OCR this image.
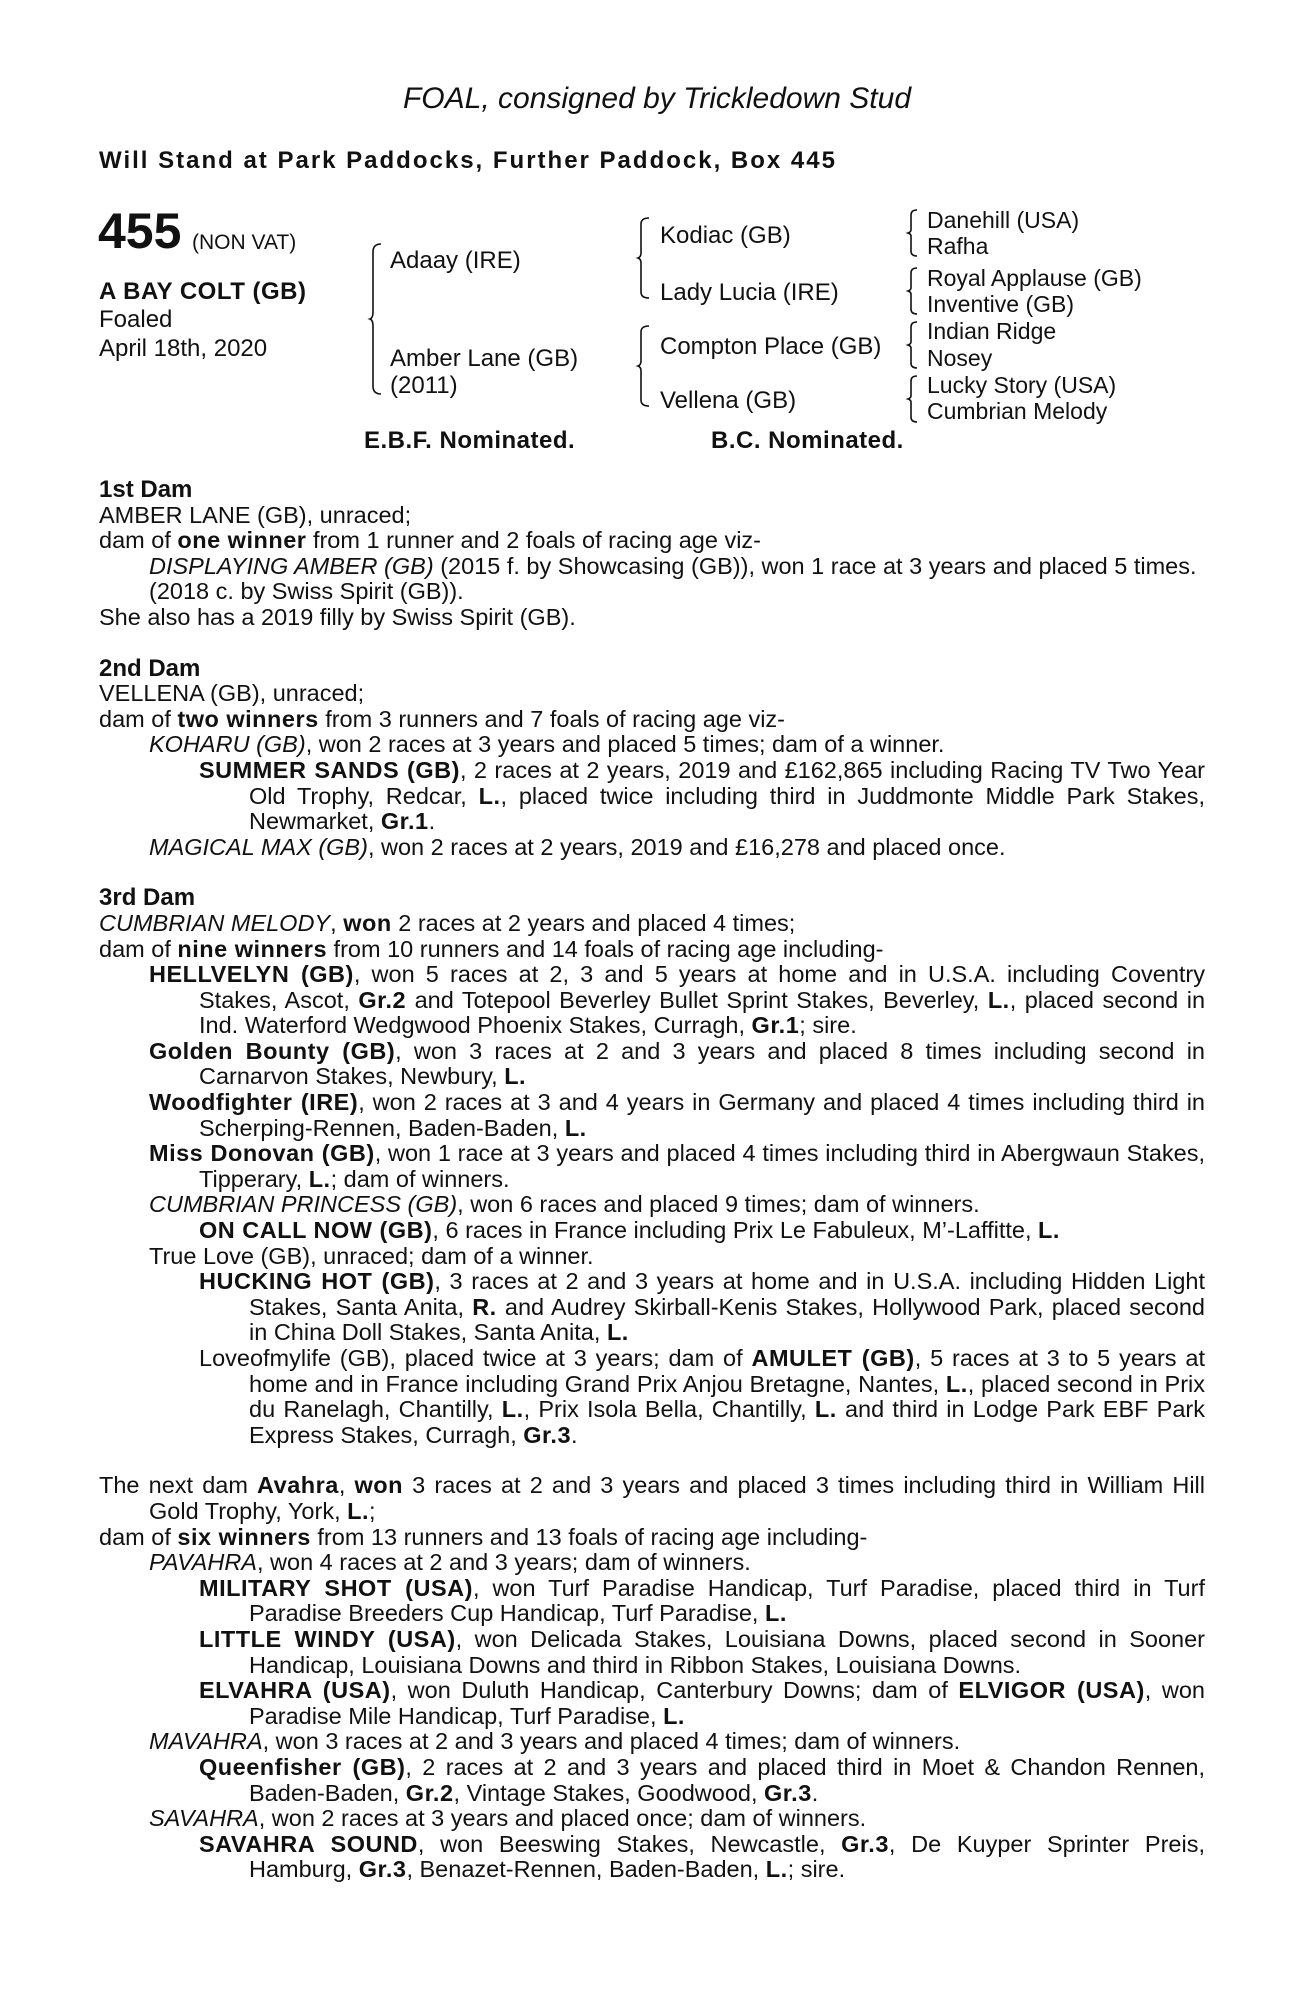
FOAL, consigned by Trickledown Stud
Will Stand at Park Paddocks, Further Paddock, Box 445
455 (NON VAT)
A BAY COLT (GB)
Foaled
April 18th, 2020
Adaay (IRE)
Amber Lane (GB)
(2011)
Kodiac (GB)
Lady Lucia (IRE)
Compton Place (GB)
Vellena (GB)
Danehill (USA)
Rafha
Royal Applause (GB)
Inventive (GB)
Indian Ridge
Nosey
Lucky Story (USA)
Cumbrian Melody
E.B.F. Nominated.	B.C. Nominated.

1st Dam

AMBER LANE (GB), unraced;

dam of one winner from 1 runner and 2 foals of racing age viz-

DISPLAYING AMBER (GB) (2015 f. by Showcasing (GB)), won 1 race at 3 years and placed 5 times.

(2018 c. by Swiss Spirit (GB)).

She also has a 2019 filly by Swiss Spirit (GB).

2nd Dam

VELLENA (GB), unraced;

dam of two winners from 3 runners and 7 foals of racing age viz-

KOHARU (GB), won 2 races at 3 years and placed 5 times; dam of a winner.

SUMMER SANDS (GB), 2 races at 2 years, 2019 and £162,865 including Racing TV Two Year Old Trophy, Redcar, L., placed twice including third in Juddmonte Middle Park Stakes, Newmarket, Gr.1.

MAGICAL MAX (GB), won 2 races at 2 years, 2019 and £16,278 and placed once.

3rd Dam

CUMBRIAN MELODY, won 2 races at 2 years and placed 4 times;

dam of nine winners from 10 runners and 14 foals of racing age including-

HELLVELYN (GB), won 5 races at 2, 3 and 5 years at home and in U.S.A. including Coventry Stakes, Ascot, Gr.2 and Totepool Beverley Bullet Sprint Stakes, Beverley, L., placed second in Ind. Waterford Wedgwood Phoenix Stakes, Curragh, Gr.1; sire.

Golden Bounty (GB), won 3 races at 2 and 3 years and placed 8 times including second in Carnarvon Stakes, Newbury, L.

Woodfighter (IRE), won 2 races at 3 and 4 years in Germany and placed 4 times including third in Scherping-Rennen, Baden-Baden, L.

Miss Donovan (GB), won 1 race at 3 years and placed 4 times including third in Abergwaun Stakes, Tipperary, L.; dam of winners.

CUMBRIAN PRINCESS (GB), won 6 races and placed 9 times; dam of winners.

ON CALL NOW (GB), 6 races in France including Prix Le Fabuleux, M’-Laffitte, L.

True Love (GB), unraced; dam of a winner.

HUCKING HOT (GB), 3 races at 2 and 3 years at home and in U.S.A. including Hidden Light Stakes, Santa Anita, R. and Audrey Skirball-Kenis Stakes, Hollywood Park, placed second in China Doll Stakes, Santa Anita, L.

Loveofmylife (GB), placed twice at 3 years; dam of AMULET (GB), 5 races at 3 to 5 years at home and in France including Grand Prix Anjou Bretagne, Nantes, L., placed second in Prix du Ranelagh, Chantilly, L., Prix Isola Bella, Chantilly, L. and third in Lodge Park EBF Park Express Stakes, Curragh, Gr.3.

The next dam Avahra, won 3 races at 2 and 3 years and placed 3 times including third in William Hill Gold Trophy, York, L.;

dam of six winners from 13 runners and 13 foals of racing age including-

PAVAHRA, won 4 races at 2 and 3 years; dam of winners.

MILITARY SHOT (USA), won Turf Paradise Handicap, Turf Paradise, placed third in Turf Paradise Breeders Cup Handicap, Turf Paradise, L.

LITTLE WINDY (USA), won Delicada Stakes, Louisiana Downs, placed second in Sooner Handicap, Louisiana Downs and third in Ribbon Stakes, Louisiana Downs.

ELVAHRA (USA), won Duluth Handicap, Canterbury Downs; dam of ELVIGOR (USA), won Paradise Mile Handicap, Turf Paradise, L.

MAVAHRA, won 3 races at 2 and 3 years and placed 4 times; dam of winners.

Queenfisher (GB), 2 races at 2 and 3 years and placed third in Moet & Chandon Rennen, Baden-Baden, Gr.2, Vintage Stakes, Goodwood, Gr.3.

SAVAHRA, won 2 races at 3 years and placed once; dam of winners.

SAVAHRA SOUND, won Beeswing Stakes, Newcastle, Gr.3, De Kuyper Sprinter Preis, Hamburg, Gr.3, Benazet-Rennen, Baden-Baden, L.; sire.
